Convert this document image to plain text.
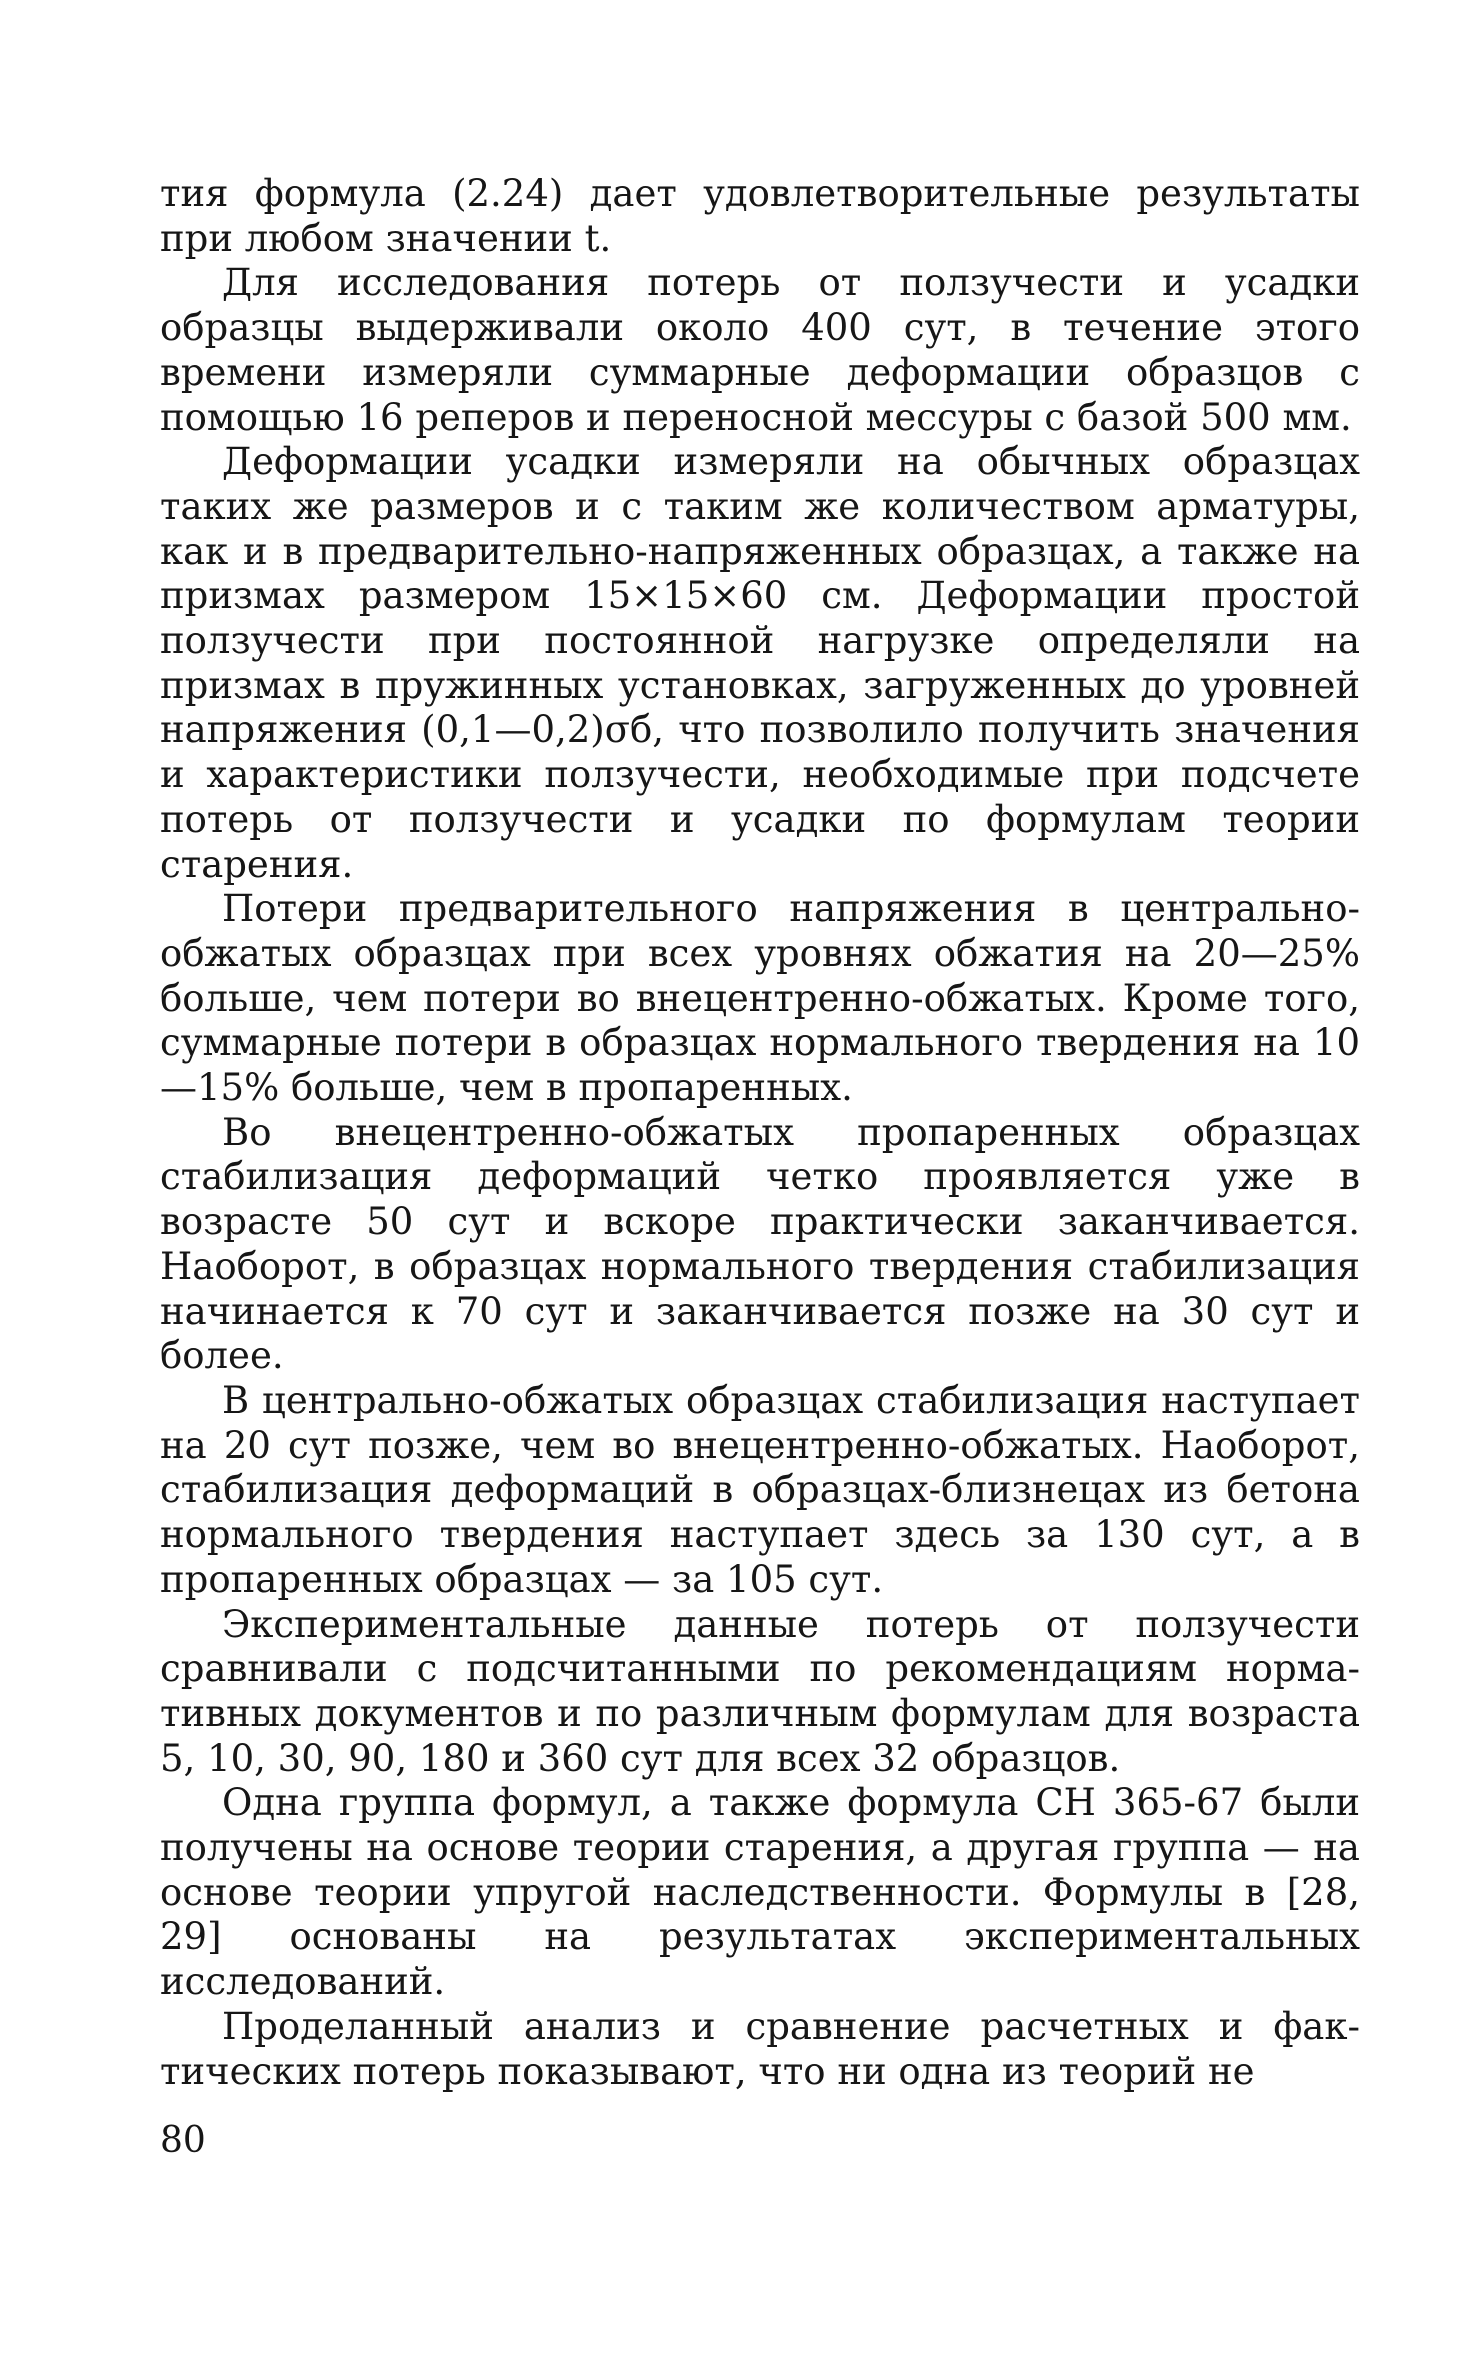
тия формула (2.24) дает удовлетворительные результаты при любом значении t.

Для исследования потерь от ползучести и усадки образцы выдерживали около 400 сут, в течение этого времени измеряли суммарные деформации образцов с помощью 16 реперов и переносной мессуры с базой 500 мм.

Деформации усадки измеряли на обычных образцах таких же размеров и с таким же количеством арматуры, как и в предварительно-напряженных образцах, а также на призмах размером 15×15×60 см. Деформации простой ползучести при постоянной нагрузке определяли на призмах в пружинных установках, загруженных до уровней напряжения (0,1—0,2)σб, что позволило получить значения и характеристики ползучести, необходимые при подсчете потерь от ползучести и усадки по формулам теории старения.

Потери предварительного напряжения в центрально-обжатых образцах при всех уровнях обжатия на 20—25% больше, чем потери во внецентренно-обжатых. Кроме того, суммарные потери в образцах нормального твердения на 10—15% больше, чем в пропаренных.

Во внецентренно-обжатых пропаренных образцах стабилизация деформаций четко проявляется уже в возрасте 50 сут и вскоре практически заканчивается. Наоборот, в образцах нормального твердения стабилизация начинается к 70 сут и заканчивается позже на 30 сут и более.

В центрально-обжатых образцах стабилизация наступает на 20 сут позже, чем во внецентренно-обжатых. Наоборот, стабилизация деформаций в образцах-близнецах из бетона нормального твердения наступает здесь за 130 сут, а в пропаренных образцах — за 105 сут.

Экспериментальные данные потерь от ползучести сравнивали с подсчитанными по рекомендациям нормативных документов и по различным формулам для возраста 5, 10, 30, 90, 180 и 360 сут для всех 32 образцов.

Одна группа формул, а также формула СН 365-67 были получены на основе теории старения, а другая группа — на основе теории упругой наследственности. Формулы в [28, 29] основаны на результатах экспериментальных исследований.

Проделанный анализ и сравнение расчетных и фактических потерь показывают, что ни одна из теорий не

80
